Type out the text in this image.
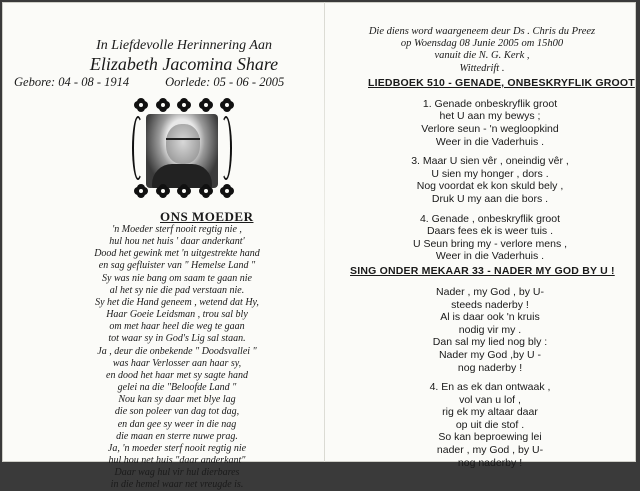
In Liefdevolle Herinnering Aan
Elizabeth Jacomina Share
Gebore: 04 - 08 - 1914	Oorlede: 05 - 06 - 2005
ONS MOEDER
'n Moeder sterf nooit regtig nie ,
hul hou net huis ' daar anderkant'
Dood het gewink met 'n uitgestrekte hand
en sag gefluister van " Hemelse Land "
Sy was nie bang om saam te gaan nie
al het sy nie die pad verstaan nie.
Sy het die Hand geneem , wetend dat Hy,
Haar Goeie Leidsman , trou sal bly
om met haar heel die weg te gaan
tot waar sy in God's Lig sal staan.
Ja , deur die onbekende " Doodsvallei "
was haar Verlosser aan haar sy,
en dood het haar met sy sagte hand
gelei na die "Beloofde Land "
Nou kan sy daar met blye lag
die son poleer van dag tot dag,
en dan gee sy weer in die nag
die maan en sterre nuwe prag.
Ja, 'n moeder sterf nooit regtig nie
hul hou net huis "daar anderkant"
Daar wag hul vir hul dierbares
in die hemel waar net vreugde is.
Die diens word waargeneem deur Ds . Chris du Preez
op Woensdag 08 Junie 2005 om 15h00
vanuit die N. G. Kerk ,
Wittedrift .
LIEDBOEK 510 - GENADE, ONBESKRYFLIK GROOT
1. Genade onbeskryflik groot
het U aan my bewys ;
Verlore seun - 'n wegloopkind
Weer in die Vaderhuis .
3. Maar U sien vêr , oneindig vêr ,
U sien my honger , dors .
Nog voordat ek kon skuld bely ,
Druk U my aan die bors .
4. Genade , onbeskryflik groot
Daars fees ek is weer tuis .
U Seun bring my - verlore mens ,
Weer in die Vaderhuis .
SING ONDER MEKAAR 33 - NADER MY GOD BY U !
Nader , my God , by U-
steeds naderby !
Al is daar ook 'n kruis
nodig vir my .
Dan sal my lied nog bly :
Nader my God ,by U -
nog naderby !
4. En as ek dan ontwaak ,
vol van u lof ,
rig ek my altaar daar
op uit die stof .
So kan beproewing lei
nader , my God , by U-
nog naderby !
